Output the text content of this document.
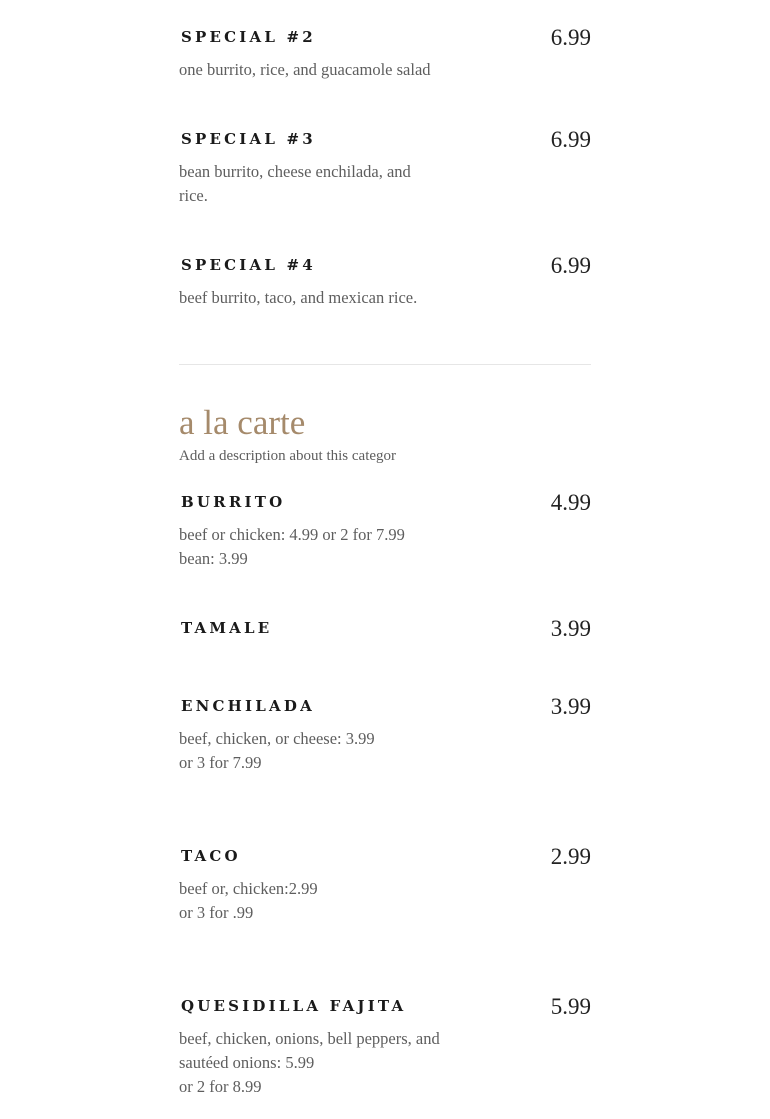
SPECIAL #2	6.99
one burrito, rice, and guacamole salad
SPECIAL #3	6.99
bean burrito, cheese enchilada, and
rice.
SPECIAL #4	6.99
beef burrito, taco, and mexican rice.
a la carte
Add a description about this categor
BURRITO	4.99
beef or chicken: 4.99 or 2 for 7.99
bean: 3.99
TAMALE	3.99
ENCHILADA	3.99
beef, chicken, or cheese: 3.99
or 3 for 7.99
TACO	2.99
beef or, chicken:2.99
or 3 for .99
QUESIDILLA FAJITA	5.99
beef, chicken, onions, bell peppers, and
sautéed onions: 5.99
or 2 for 8.99
